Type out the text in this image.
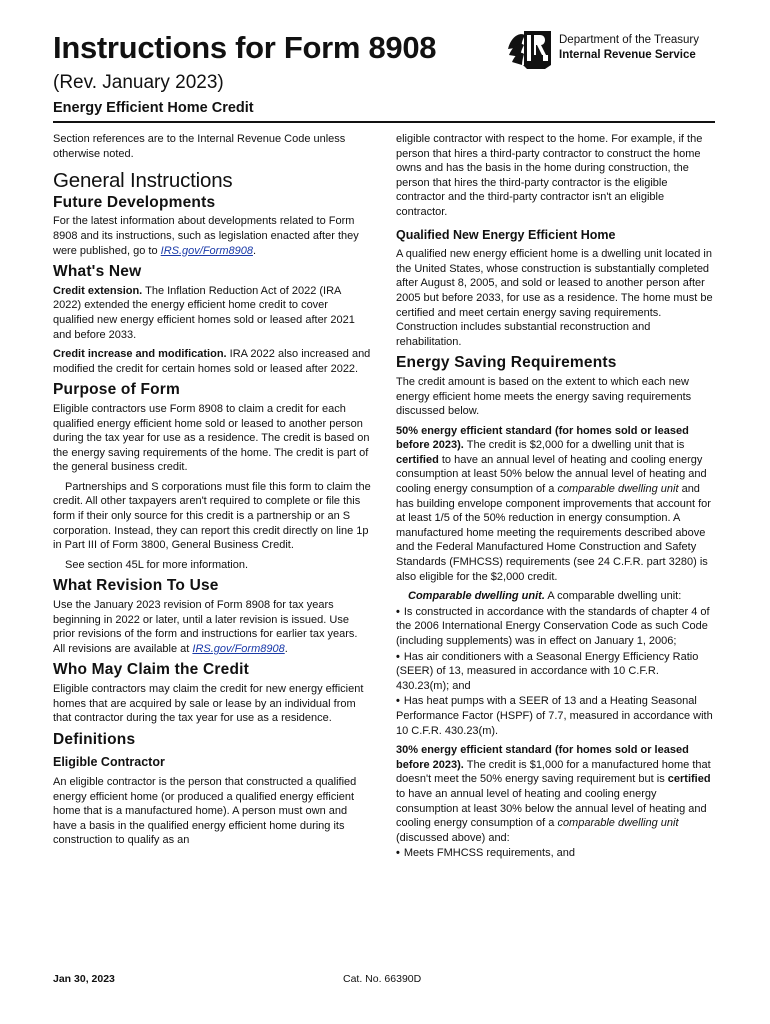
Instructions for Form 8908
(Rev. January 2023)
Energy Efficient Home Credit
Department of the Treasury
Internal Revenue Service

Section references are to the Internal Revenue Code unless otherwise noted.

General Instructions
Future Developments

For the latest information about developments related to Form 8908 and its instructions, such as legislation enacted after they were published, go to IRS.gov/Form8908.

What's New

Credit extension. The Inflation Reduction Act of 2022 (IRA 2022) extended the energy efficient home credit to cover qualified new energy efficient homes sold or leased after 2021 and before 2033.

Credit increase and modification. IRA 2022 also increased and modified the credit for certain homes sold or leased after 2022.

Purpose of Form

Eligible contractors use Form 8908 to claim a credit for each qualified energy efficient home sold or leased to another person during the tax year for use as a residence. The credit is based on the energy saving requirements of the home. The credit is part of the general business credit.

Partnerships and S corporations must file this form to claim the credit. All other taxpayers aren't required to complete or file this form if their only source for this credit is a partnership or an S corporation. Instead, they can report this credit directly on line 1p in Part III of Form 3800, General Business Credit.

See section 45L for more information.

What Revision To Use

Use the January 2023 revision of Form 8908 for tax years beginning in 2022 or later, until a later revision is issued. Use prior revisions of the form and instructions for earlier tax years. All revisions are available at IRS.gov/Form8908.

Who May Claim the Credit

Eligible contractors may claim the credit for new energy efficient homes that are acquired by sale or lease by an individual from that contractor during the tax year for use as a residence.

Definitions
Eligible Contractor

An eligible contractor is the person that constructed a qualified energy efficient home (or produced a qualified energy efficient home that is a manufactured home). A person must own and have a basis in the qualified energy efficient home during its construction to qualify as an

eligible contractor with respect to the home. For example, if the person that hires a third-party contractor to construct the home owns and has the basis in the home during construction, the person that hires the third-party contractor is the eligible contractor and the third-party contractor isn't an eligible contractor.

Qualified New Energy Efficient Home

A qualified new energy efficient home is a dwelling unit located in the United States, whose construction is substantially completed after August 8, 2005, and sold or leased to another person after 2005 but before 2033, for use as a residence. The home must be certified and meet certain energy saving requirements. Construction includes substantial reconstruction and rehabilitation.

Energy Saving Requirements

The credit amount is based on the extent to which each new energy efficient home meets the energy saving requirements discussed below.

50% energy efficient standard (for homes sold or leased before 2023). The credit is $2,000 for a dwelling unit that is certified to have an annual level of heating and cooling energy consumption at least 50% below the annual level of heating and cooling energy consumption of a comparable dwelling unit and has building envelope component improvements that account for at least 1/5 of the 50% reduction in energy consumption. A manufactured home meeting the requirements described above and the Federal Manufactured Home Construction and Safety Standards (FMHCSS) requirements (see 24 C.F.R. part 3280) is also eligible for the $2,000 credit.

Comparable dwelling unit. A comparable dwelling unit:

• Is constructed in accordance with the standards of chapter 4 of the 2006 International Energy Conservation Code as such Code (including supplements) was in effect on January 1, 2006;
• Has air conditioners with a Seasonal Energy Efficiency Ratio (SEER) of 13, measured in accordance with 10 C.F.R. 430.23(m); and
• Has heat pumps with a SEER of 13 and a Heating Seasonal Performance Factor (HSPF) of 7.7, measured in accordance with 10 C.F.R. 430.23(m).

30% energy efficient standard (for homes sold or leased before 2023). The credit is $1,000 for a manufactured home that doesn't meet the 50% energy saving requirement but is certified to have an annual level of heating and cooling energy consumption at least 30% below the annual level of heating and cooling energy consumption of a comparable dwelling unit (discussed above) and:

• Meets FMHCSS requirements, and
Jan 30, 2023	Cat. No. 66390D
